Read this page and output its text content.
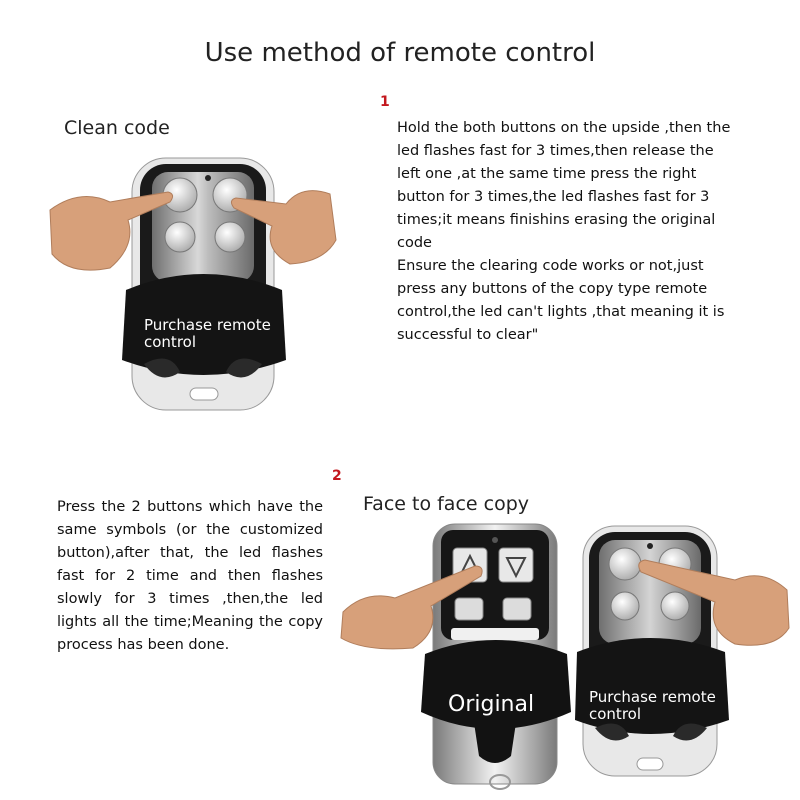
Use method of remote control
1
Clean code	Hold the both buttons on the upside ,then the led flashes fast for 3 times,then release the left one ,at the same time press the right button for 3 times,the led flashes fast for 3 times;it means finishins erasing the original code

Ensure the clearing code works or not,just press any buttons of the copy type remote control,the led can't lights ,that meaning it is successful to clear"

Purchase remote control
2
Face to face copy
Press the 2 buttons which have the same symbols (or the customized button),after that, the led flashes fast for 2 time and then flashes slowly for 3 times ,then,the led lights all the time;Meaning the copy process has been done.
Original	Purchase remote control
